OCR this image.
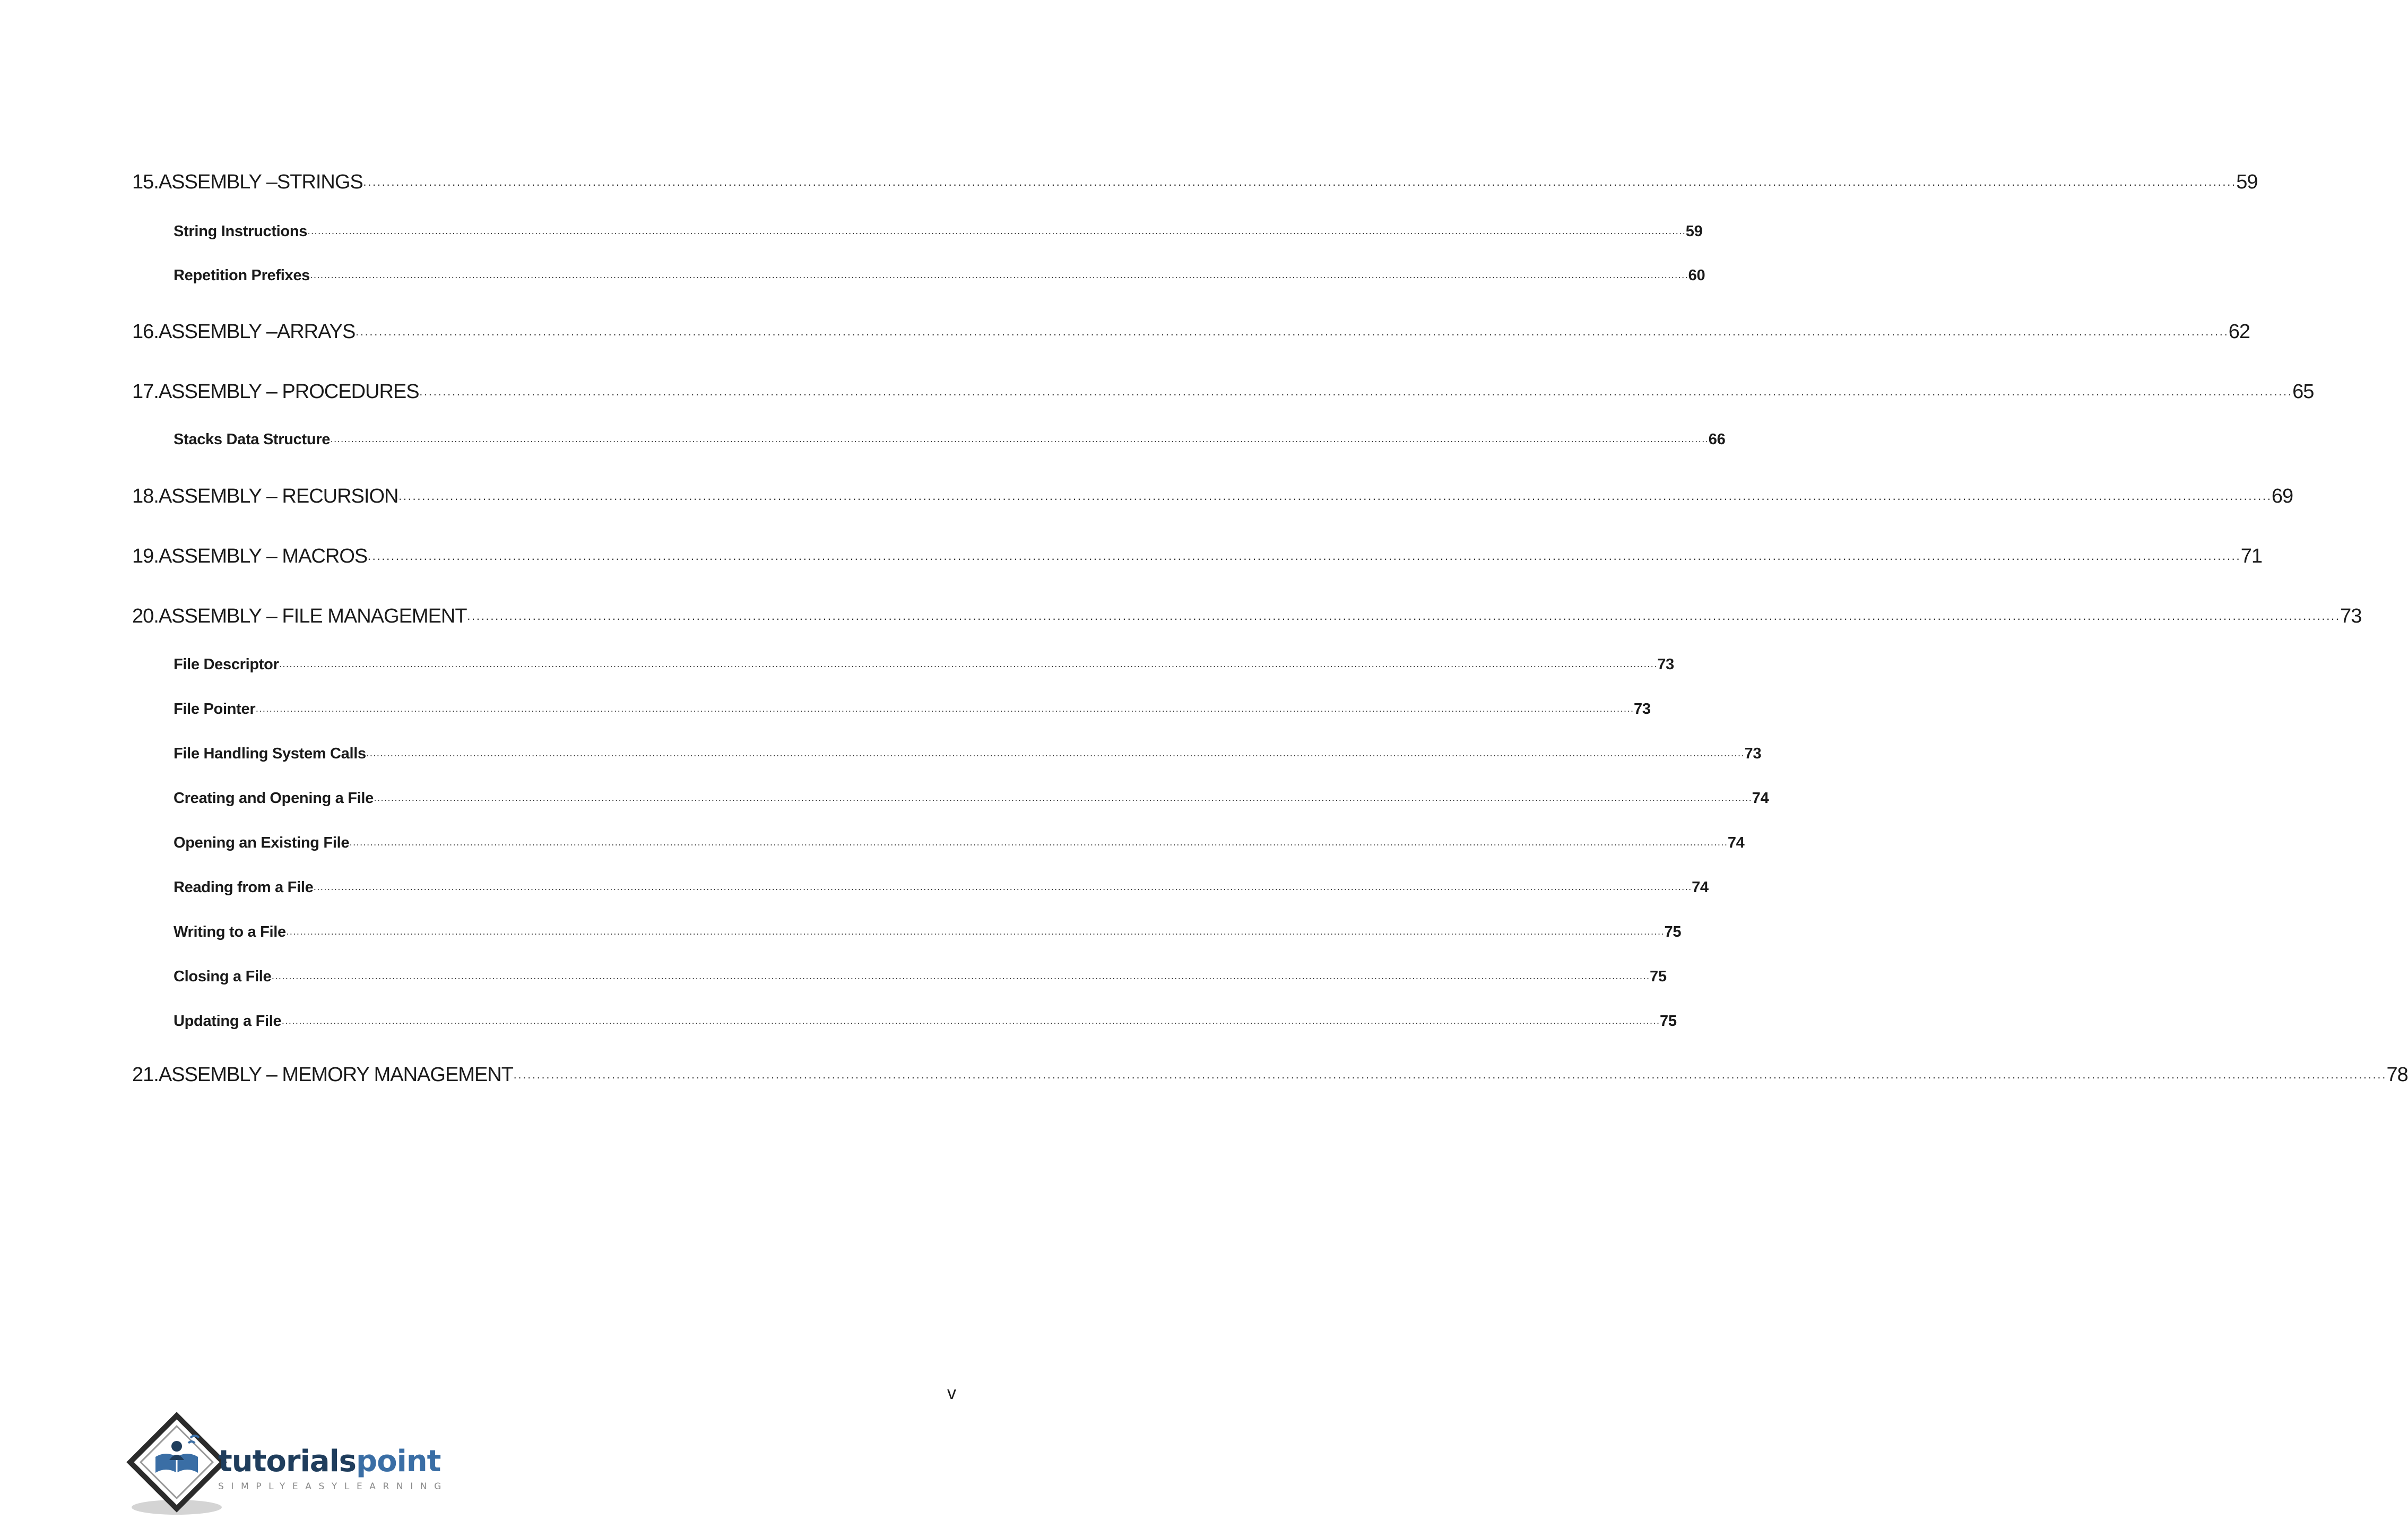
15. ASSEMBLY –STRINGS ················································································································································································································································································································································································································ 59
String Instructions ················································································································································································································································································································································································································ 59
Repetition Prefixes ················································································································································································································································································································································································································ 60
16. ASSEMBLY –ARRAYS ················································································································································································································································································································································································································ 62
17. ASSEMBLY – PROCEDURES ················································································································································································································································································································································································································ 65
Stacks Data Structure ················································································································································································································································································································································································································ 66
18. ASSEMBLY – RECURSION ················································································································································································································································································································································································································ 69
19. ASSEMBLY – MACROS ················································································································································································································································································································································································································ 71
20. ASSEMBLY – FILE MANAGEMENT ················································································································································································································································································································································································································ 73
File Descriptor ················································································································································································································································································································································································································ 73
File Pointer ················································································································································································································································································································································································································ 73
File Handling System Calls ················································································································································································································································································································································································································ 73
Creating and Opening a File ················································································································································································································································································································································································································ 74
Opening an Existing File ················································································································································································································································································································································································································ 74
Reading from a File ················································································································································································································································································································································································································ 74
Writing to a File ················································································································································································································································································································································································································ 75
Closing a File ················································································································································································································································································································································································································ 75
Updating a File ················································································································································································································································································································································································································ 75
21. ASSEMBLY – MEMORY MANAGEMENT ················································································································································································································································································································································································································ 78
v
tutorialspoint
SIMPLYEASYLEARNING
